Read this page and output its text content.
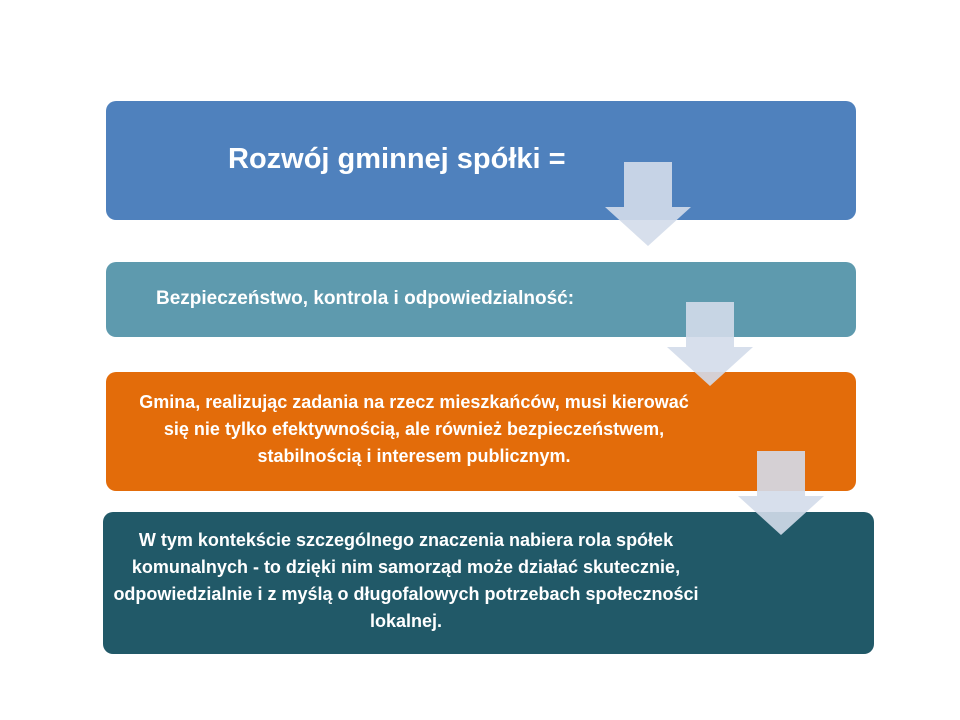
Rozwój gminnej spółki =
Bezpieczeństwo, kontrola i odpowiedzialność:
Gmina, realizując zadania na rzecz mieszkańców, musi kierować się nie tylko efektywnością, ale również bezpieczeństwem, stabilnością i interesem publicznym.
W tym kontekście szczególnego znaczenia nabiera rola spółek komunalnych - to dzięki nim samorząd może działać skutecznie, odpowiedzialnie i z myślą o długofalowych potrzebach społeczności lokalnej.
